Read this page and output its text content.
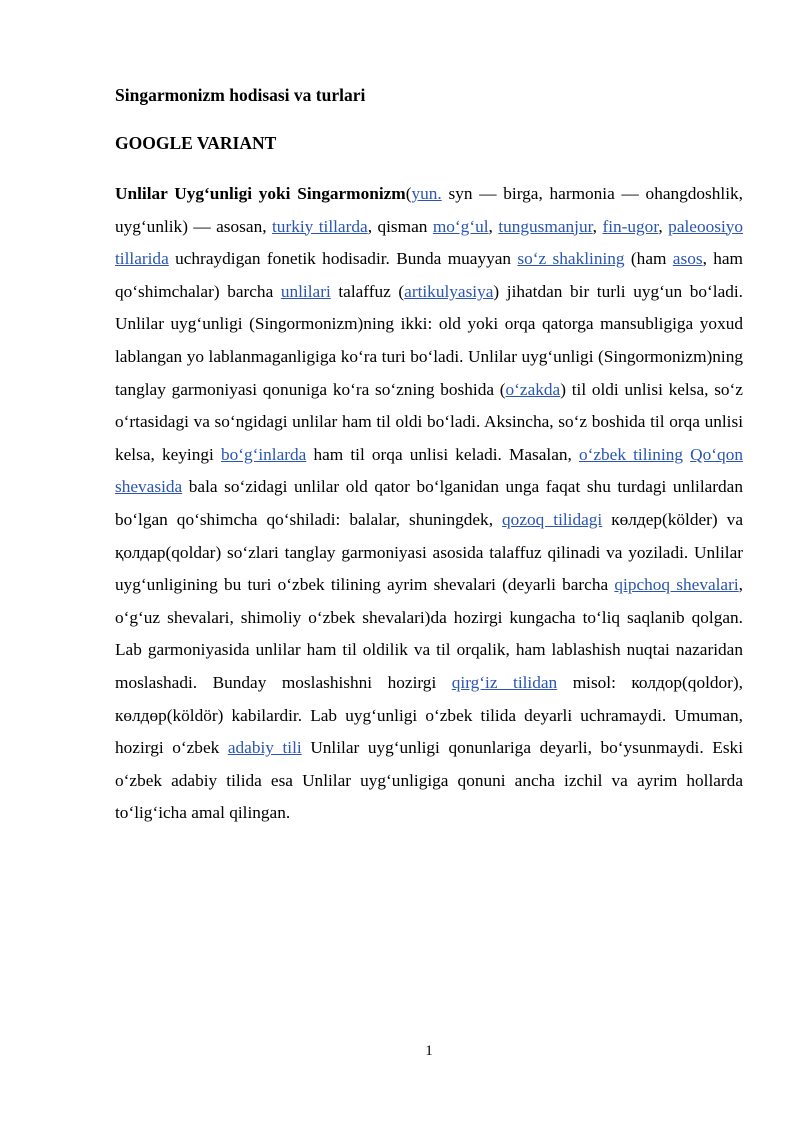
Singarmonizm hodisasi va turlari
GOOGLE VARIANT

Unlilar Uyg‘unligi yoki Singarmonizm(yun. syn — birga, harmonia — ohangdoshlik, uyg‘unlik) — asosan, turkiy tillarda, qisman mo‘g‘ul, tungusmanjur, fin-ugor, paleoosiyo tillarida uchraydigan fonetik hodisadir. Bunda muayyan so‘z shaklining (ham asos, ham qo‘shimchalar) barcha unlilari talaffuz (artikulyasiya) jihatdan bir turli uyg‘un bo‘ladi. Unlilar uyg‘unligi (Singormonizm)ning ikki: old yoki orqa qatorga mansubligiga yoxud lablangan yo lablanmaganligiga ko‘ra turi bo‘ladi. Unlilar uyg‘unligi (Singormonizm)ning tanglay garmoniyasi qonuniga ko‘ra so‘zning boshida (o‘zakda) til oldi unlisi kelsa, so‘z o‘rtasidagi va so‘ngidagi unlilar ham til oldi bo‘ladi. Aksincha, so‘z boshida til orqa unlisi kelsa, keyingi bo‘g‘inlarda ham til orqa unlisi keladi. Masalan, o‘zbek tilining Qo‘qon shevasida bala so‘zidagi unlilar old qator bo‘lganidan unga faqat shu turdagi unlilardan bo‘lgan qo‘shimcha qo‘shiladi: balalar, shuningdek, qozoq tilidagi көлдер(kölder) va қолдар(qoldar) so‘zlari tanglay garmoniyasi asosida talaffuz qilinadi va yoziladi. Unlilar uyg‘unligining bu turi o‘zbek tilining ayrim shevalari (deyarli barcha qipchoq shevalari, o‘g‘uz shevalari, shimoliy o‘zbek shevalari)da hozirgi kungacha to‘liq saqlanib qolgan. Lab garmoniyasida unlilar ham til oldilik va til orqalik, ham lablashish nuqtai nazaridan moslashadi. Bunday moslashishni hozirgi qirg‘iz tilidan misol: колдор(qoldor), көлдөр(köldör) kabilardir. Lab uyg‘unligi o‘zbek tilida deyarli uchramaydi. Umuman, hozirgi o‘zbek adabiy tili Unlilar uyg‘unligi qonunlariga deyarli, bo‘ysunmaydi. Eski o‘zbek adabiy tilida esa Unlilar uyg‘unligiga qonuni ancha izchil va ayrim hollarda to‘lig‘icha amal qilingan.

1
